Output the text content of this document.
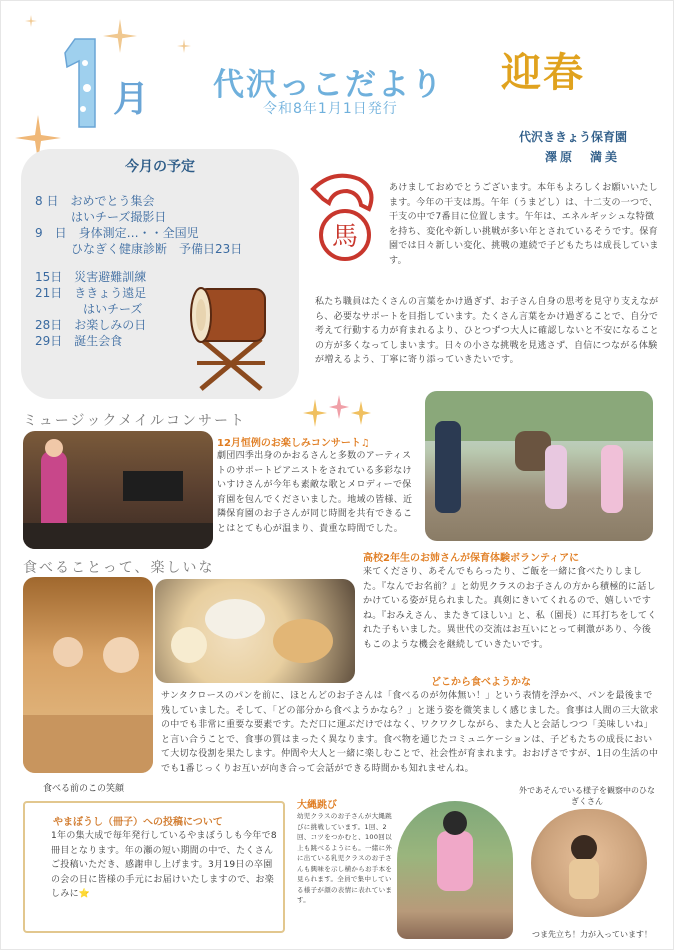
月 代沢っこだより
令和8年1月1日発行
迎春
代沢ききょう保育園
澤原　満美
今月の予定
8 日　おめでとう集会
　　　はいチーズ撮影日
9　日　身体測定…・・全国児
　　　ひなぎく健康診断　予備日23日
15日　災害避難訓練
21日　ききょう遠足
　　　　はいチーズ
28日　お楽しみの日
29日　誕生会食
馬
あけましておめでとうございます。本年もよろしくお願いいたします。今年の干支は馬。午年（うまどし）は、十二支の一つで、干支の中で7番目に位置します。午年は、エネルギッシュな特徴を持ち、変化や新しい挑戦が多い年とされているそうです。保育園では日々新しい変化、挑戦の連続で子どもたちは成長しています。
私たち職員はたくさんの言葉をかけ過ぎず、お子さん自身の思考を見守り支えながら、必要なサポートを目指しています。たくさん言葉をかけ過ぎることで、自分で考えて行動する力が育まれるより、ひとつずつ大人に確認しないと不安になることの方が多くなってしまいます。日々の小さな挑戦を見逃さず、自信につながる体験が増えるよう、丁寧に寄り添っていきたいです。
ミュージックメイルコンサート
12月恒例のお楽しみコンサート♫
劇団四季出身のかおるさんと多数のアーティストのサポートピアニストをされている多彩なけいすけさんが今年も素敵な歌とメロディーで保育園を包んでくださいました。地域の皆様、近隣保育園のお子さんが同じ時間を共有できることはとても心が温まり、貴重な時間でした。
食べることって、楽しいな
食べる前のこの笑顔
高校2年生のお姉さんが保育体験ボランティアに
来てくださり、あそんでもらったり、ご飯を一緒に食べたりしました。『なんでお名前？』と幼児クラスのお子さんの方から積極的に話しかけている姿が見られました。真剣にきいてくれるので、嬉しいですね。『おみえさん、またきてほしい』と、私（園長）に耳打ちをしてくれた子もいました。異世代の交流はお互いにとって刺激があり、今後もこのような機会を継続していきたいです。
どこから食べようかな
サンタクロースのパンを前に、ほとんどのお子さんは「食べるのが勿体無い！」という表情を浮かべ、パンを最後まで残していました。そして、「どの部分から食べようかなら？」と迷う姿を微笑ましく感じました。食事は人間の三大欲求の中でも非常に重要な要素です。ただ口に運ぶだけではなく、ワクワクしながら、また人と会話しつつ「美味しいね」と言い合うことで、食事の質はまったく異なります。食べ物を通じたコミュニケーションは、子どもたちの成長において大切な役割を果たします。仲間や大人と一緒に楽しむことで、社会性が育まれます。おおげさですが、1日の生活の中でも1番じっくりお互いが向き合って会話ができる時間かも知れませんね。
やまぼうし（冊子）への投稿について
1年の集大成で毎年発行しているやまぼうしも今年で8冊目となります。年の瀬の短い期間の中で、たくさんご投稿いただき、感謝申し上げます。3月19日の卒園の会の日に皆様の手元にお届けいたしますので、お楽しみに⭐
大縄跳び
幼児クラスのお子さんが大縄跳びに挑戦しています。1回、2回、コツをつかむと、100回以上も跳べるようにも。一緒に外に出ている乳児クラスのお子さんも興味を示し横からお手本を見られます。全員で集中している様子が顔の表情に表れています。
外であそんでいる様子を観察中のひなぎくさん
つま先立ち！力が入っています！
